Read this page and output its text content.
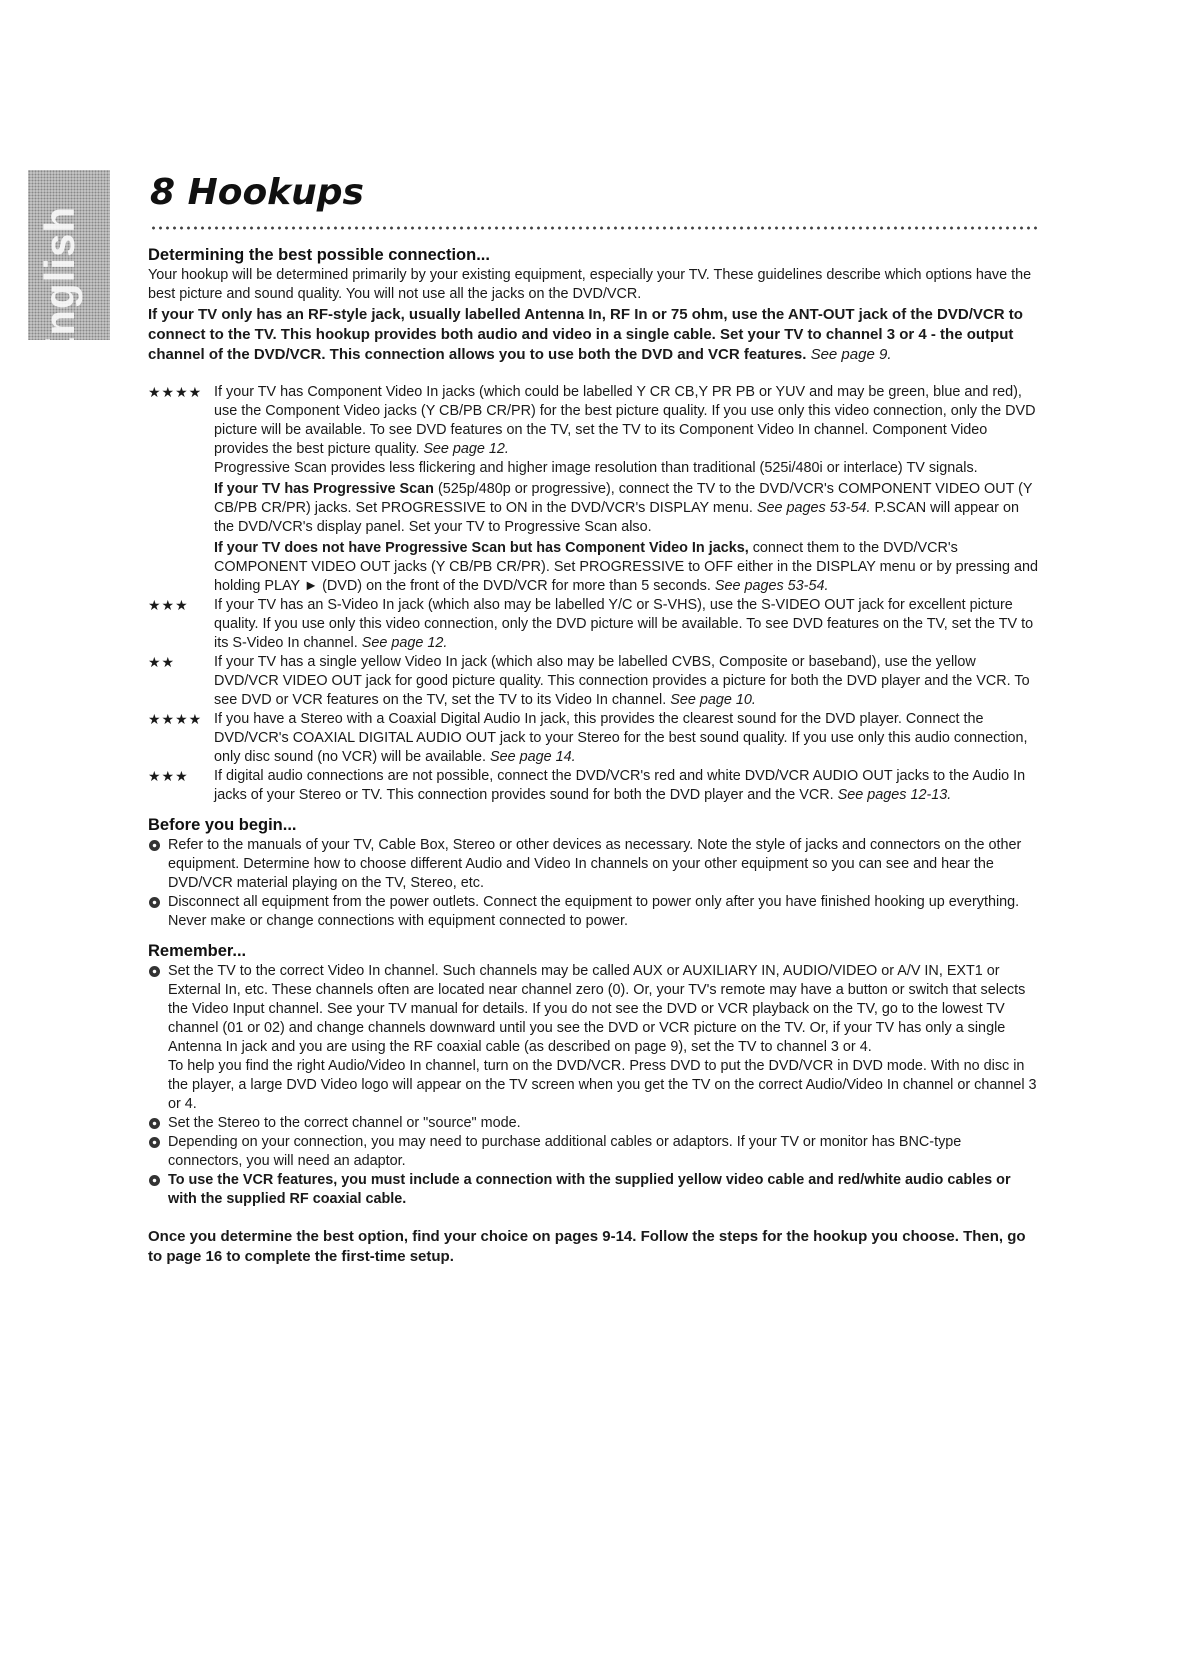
English
8 Hookups
Determining the best possible connection...

Your hookup will be determined primarily by your existing equipment, especially your TV. These guidelines describe which options have the best picture and sound quality. You will not use all the jacks on the DVD/VCR.

If your TV only has an RF-style jack, usually labelled Antenna In, RF In or 75 ohm, use the ANT-OUT jack of the DVD/VCR to connect to the TV. This hookup provides both audio and video in a single cable. Set your TV to channel 3 or 4 - the output channel of the DVD/VCR. This connection allows you to use both the DVD and VCR features. See page 9.

★★★★ If your TV has Component Video In jacks (which could be labelled Y CR CB,Y PR PB or YUV and may be green, blue and red), use the Component Video jacks (Y CB/PB CR/PR) for the best picture quality. If you use only this video connection, only the DVD picture will be available. To see DVD features on the TV, set the TV to its Component Video In channel. Component Video provides the best picture quality. See page 12.

Progressive Scan provides less flickering and higher image resolution than traditional (525i/480i or interlace) TV signals.

If your TV has Progressive Scan (525p/480p or progressive), connect the TV to the DVD/VCR's COMPONENT VIDEO OUT (Y CB/PB CR/PR) jacks. Set PROGRESSIVE to ON in the DVD/VCR's DISPLAY menu. See pages 53-54. P.SCAN will appear on the DVD/VCR's display panel. Set your TV to Progressive Scan also.

If your TV does not have Progressive Scan but has Component Video In jacks, connect them to the DVD/VCR's COMPONENT VIDEO OUT jacks (Y CB/PB CR/PR). Set PROGRESSIVE to OFF either in the DISPLAY menu or by pressing and holding PLAY ► (DVD) on the front of the DVD/VCR for more than 5 seconds. See pages 53-54.

★★★	If your TV has an S-Video In jack (which also may be labelled Y/C or S-VHS), use the S-VIDEO OUT jack for excellent picture quality. If you use only this video connection, only the DVD picture will be available. To see DVD features on the TV, set the TV to its S-Video In channel. See page 12.

★★	If your TV has a single yellow Video In jack (which also may be labelled CVBS, Composite or baseband), use the yellow DVD/VCR VIDEO OUT jack for good picture quality. This connection provides a picture for both the DVD player and the VCR. To see DVD or VCR features on the TV, set the TV to its Video In channel. See page 10.

★★★★ If you have a Stereo with a Coaxial Digital Audio In jack, this provides the clearest sound for the DVD player. Connect the DVD/VCR's COAXIAL DIGITAL AUDIO OUT jack to your Stereo for the best sound quality. If you use only this audio connection, only disc sound (no VCR) will be available. See page 14.

★★★	If digital audio connections are not possible, connect the DVD/VCR's red and white DVD/VCR AUDIO OUT jacks to the Audio In jacks of your Stereo or TV. This connection provides sound for both the DVD player and the VCR. See pages 12-13.

Before you begin...
Refer to the manuals of your TV, Cable Box, Stereo or other devices as necessary. Note the style of jacks and connectors on the other equipment. Determine how to choose different Audio and Video In channels on your other equipment so you can see and hear the DVD/VCR material playing on the TV, Stereo, etc.
Disconnect all equipment from the power outlets. Connect the equipment to power only after you have finished hooking up everything. Never make or change connections with equipment connected to power.
Remember...
Set the TV to the correct Video In channel. Such channels may be called AUX or AUXILIARY IN, AUDIO/VIDEO or A/V IN, EXT1 or External In, etc. These channels often are located near channel zero (0). Or, your TV's remote may have a button or switch that selects the Video Input channel. See your TV manual for details. If you do not see the DVD or VCR playback on the TV, go to the lowest TV channel (01 or 02) and change channels downward until you see the DVD or VCR picture on the TV. Or, if your TV has only a single Antenna In jack and you are using the RF coaxial cable (as described on page 9), set the TV to channel 3 or 4.

To help you find the right Audio/Video In channel, turn on the DVD/VCR. Press DVD to put the DVD/VCR in DVD mode. With no disc in the player, a large DVD Video logo will appear on the TV screen when you get the TV on the correct Audio/Video In channel or channel 3 or 4.

Set the Stereo to the correct channel or "source" mode.
Depending on your connection, you may need to purchase additional cables or adaptors. If your TV or monitor has BNC-type connectors, you will need an adaptor.
To use the VCR features, you must include a connection with the supplied yellow video cable and red/white audio cables or with the supplied RF coaxial cable.

Once you determine the best option, find your choice on pages 9-14. Follow the steps for the hookup you choose. Then, go to page 16 to complete the first-time setup.
